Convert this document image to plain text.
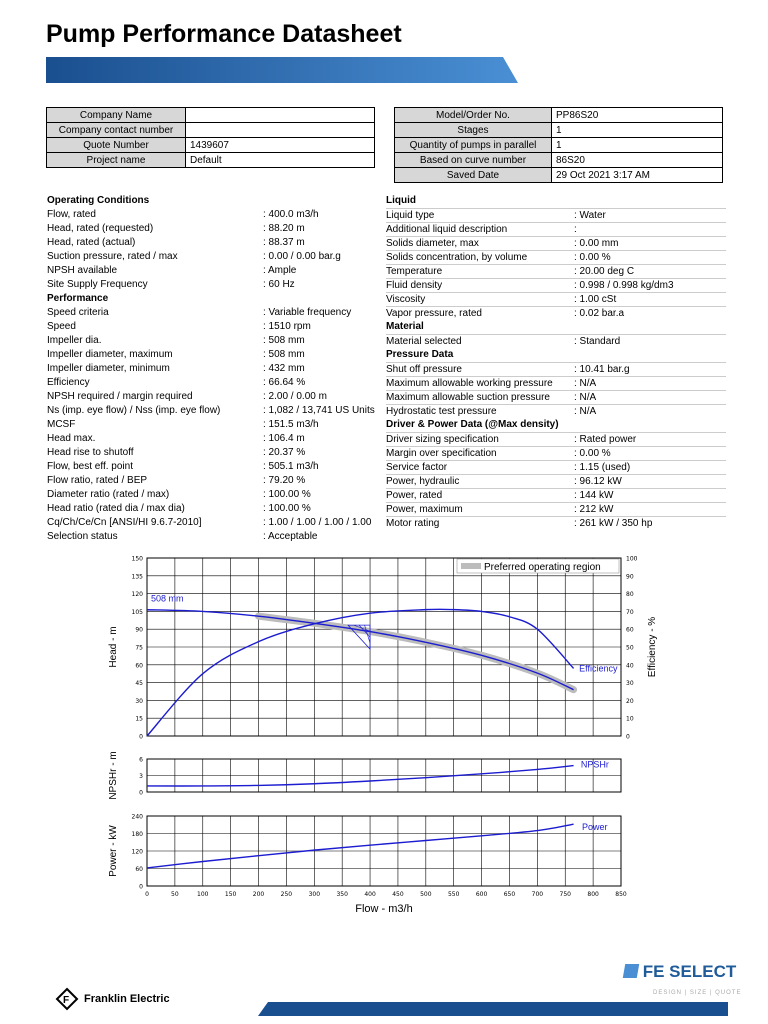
Pump Performance Datasheet
Company Name	
Company contact number	
Quote Number	1439607
Project name	Default
Model/Order No.	PP86S20
Stages	1
Quantity of pumps in parallel	1
Based on curve number	86S20
Saved Date	29 Oct 2021 3:17 AM
Operating Conditions
Flow, rated	: 400.0 m3/h
Head, rated (requested)	: 88.20 m
Head, rated (actual)	: 88.37 m
Suction pressure, rated / max	: 0.00 / 0.00 bar.g
NPSH available	: Ample
Site Supply Frequency	: 60 Hz
Performance
Speed criteria	: Variable frequency
Speed	: 1510 rpm
Impeller dia.	: 508 mm
Impeller diameter, maximum	: 508 mm
Impeller diameter, minimum	: 432 mm
Efficiency	: 66.64 %
NPSH required / margin required	: 2.00 / 0.00 m
Ns (imp. eye flow) / Nss (imp. eye flow)	: 1,082 / 13,741 US Units
MCSF	: 151.5 m3/h
Head max.	: 106.4 m
Head rise to shutoff	: 20.37 %
Flow, best eff. point	: 505.1 m3/h
Flow ratio, rated / BEP	: 79.20 %
Diameter ratio (rated / max)	: 100.00 %
Head ratio (rated dia / max dia)	: 100.00 %
Cq/Ch/Ce/Cn [ANSI/HI 9.6.7-2010]	: 1.00 / 1.00 / 1.00 / 1.00
Selection status	: Acceptable
Liquid
Liquid type	: Water
Additional liquid description	:
Solids diameter, max	: 0.00 mm
Solids concentration, by volume	: 0.00 %
Temperature	: 20.00 deg C
Fluid density	: 0.998 / 0.998 kg/dm3
Viscosity	: 1.00 cSt
Vapor pressure, rated	: 0.02 bar.a
Material
Material selected	: Standard
Pressure Data
Shut off pressure	: 10.41 bar.g
Maximum allowable working pressure : N/A
Maximum allowable suction pressure : N/A
Hydrostatic test pressure	: N/A
Driver & Power Data (@Max density)
Driver sizing specification	: Rated power
Margin over specification	: 0.00 %
Service factor	: 1.15 (used)
Power, hydraulic	: 96.12 kW
Power, rated	: 144 kW
Power, maximum	: 212 kW
Motor rating	: 261 kW / 350 hp
0
15
30
45
60
75
90
105
120
135
150
Head - m
0
10
20
30
40
50
60
70
80
90
100
Efficiency - %
Efficiency
508 mm
Preferred operating region
0
3
6
NPSHr - m	NPSHr
0
60
120
180
240
Power - kW	Power
0	50	100	150	200	250	300	350	400	450	500	550	600	650	700	750	800	850
Flow - m3/h
F Franklin Electric
FE SELECT
DESIGN | SIZE | QUOTE
